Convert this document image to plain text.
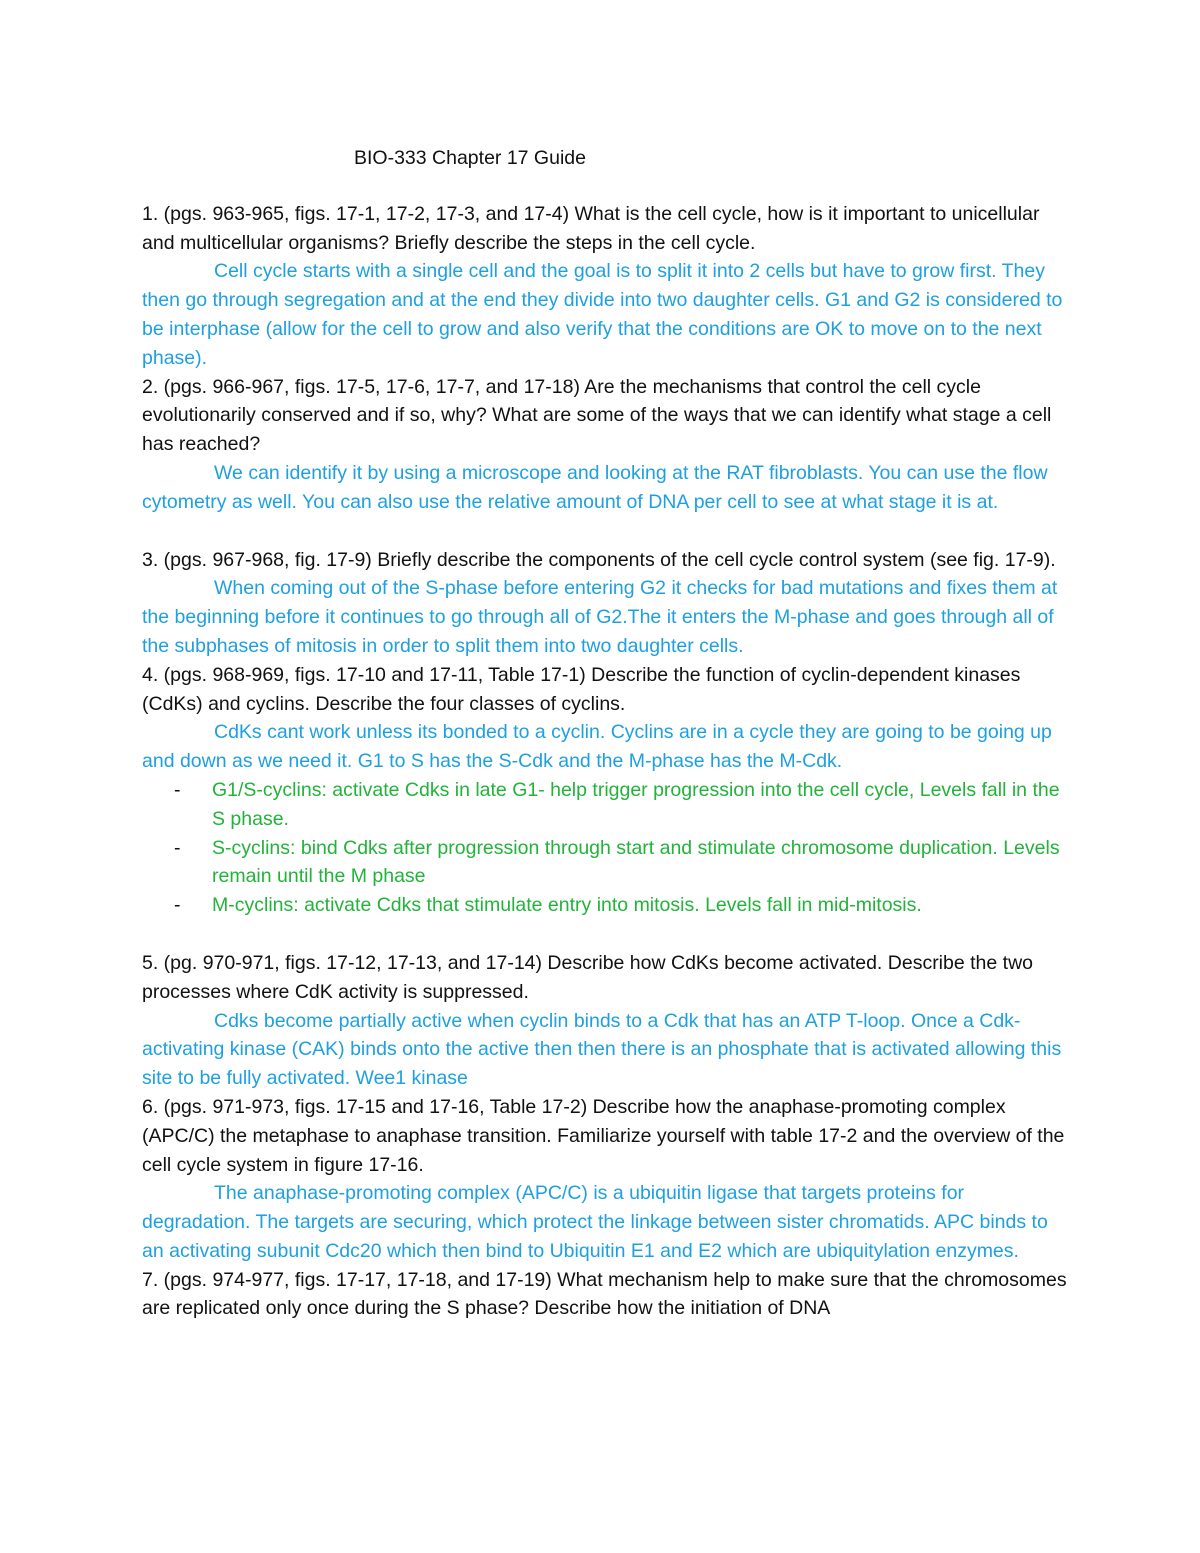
BIO-333 Chapter 17 Guide
1. (pgs. 963-965, figs. 17-1, 17-2, 17-3, and 17-4) What is the cell cycle, how is it important to unicellular and multicellular organisms? Briefly describe the steps in the cell cycle.
Cell cycle starts with a single cell and the goal is to split it into 2 cells but have to grow first. They then go through segregation and at the end they divide into two daughter cells. G1 and G2 is considered to be interphase (allow for the cell to grow and also verify that the conditions are OK to move on to the next phase).
2. (pgs. 966-967, figs. 17-5, 17-6, 17-7, and 17-18) Are the mechanisms that control the cell cycle evolutionarily conserved and if so, why? What are some of the ways that we can identify what stage a cell has reached?
We can identify it by using a microscope and looking at the RAT fibroblasts. You can use the flow cytometry as well. You can also use the relative amount of DNA per cell to see at what stage it is at.
3. (pgs. 967-968, fig. 17-9) Briefly describe the components of the cell cycle control system (see fig. 17-9).
When coming out of the S-phase before entering G2 it checks for bad mutations and fixes them at the beginning before it continues to go through all of G2.The it enters the M-phase and goes through all of the subphases of mitosis in order to split them into two daughter cells.
4. (pgs. 968-969, figs. 17-10 and 17-11, Table 17-1) Describe the function of cyclin-dependent kinases (CdKs) and cyclins. Describe the four classes of cyclins.
CdKs cant work unless its bonded to a cyclin. Cyclins are in a cycle they are going to be going up and down as we need it. G1 to S has the S-Cdk and the M-phase has the M-Cdk.
- G1/S-cyclins: activate Cdks in late G1- help trigger progression into the cell cycle, Levels fall in the S phase.
- S-cyclins: bind Cdks after progression through start and stimulate chromosome duplication. Levels remain until the M phase
- M-cyclins: activate Cdks that stimulate entry into mitosis. Levels fall in mid-mitosis.
5. (pg. 970-971, figs. 17-12, 17-13, and 17-14) Describe how CdKs become activated. Describe the two processes where CdK activity is suppressed.
Cdks become partially active when cyclin binds to a Cdk that has an ATP T-loop. Once a Cdk-activating kinase (CAK) binds onto the active then then there is an phosphate that is activated allowing this site to be fully activated. Wee1 kinase
6. (pgs. 971-973, figs. 17-15 and 17-16, Table 17-2) Describe how the anaphase-promoting complex (APC/C) the metaphase to anaphase transition. Familiarize yourself with table 17-2 and the overview of the cell cycle system in figure 17-16.
The anaphase-promoting complex (APC/C) is a ubiquitin ligase that targets proteins for degradation. The targets are securing, which protect the linkage between sister chromatids. APC binds to an activating subunit Cdc20 which then bind to Ubiquitin E1 and E2 which are ubiquitylation enzymes.
7. (pgs. 974-977, figs. 17-17, 17-18, and 17-19) What mechanism help to make sure that the chromosomes are replicated only once during the S phase? Describe how the initiation of DNA
